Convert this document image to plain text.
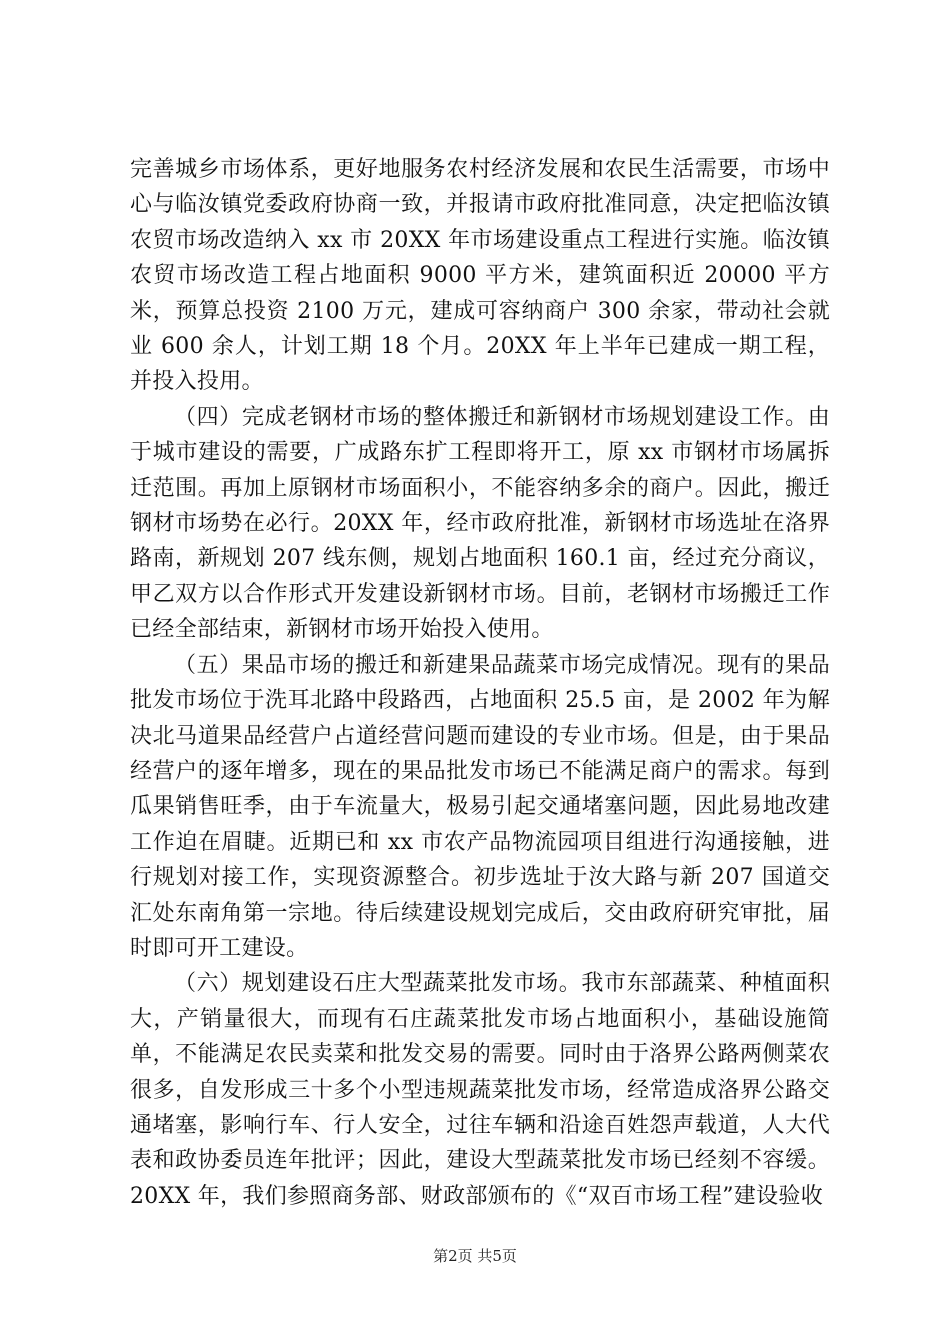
完善城乡市场体系，更好地服务农村经济发展和农民生活需要，市场中心与临汝镇党委政府协商一致，并报请市政府批准同意，决定把临汝镇农贸市场改造纳入 xx 市 20XX 年市场建设重点工程进行实施。临汝镇农贸市场改造工程占地面积 9000 平方米，建筑面积近 20000 平方米，预算总投资 2100 万元，建成可容纳商户 300 余家，带动社会就业 600 余人，计划工期 18 个月。20XX 年上半年已建成一期工程，并投入投用。

（四）完成老钢材市场的整体搬迁和新钢材市场规划建设工作。由于城市建设的需要，广成路东扩工程即将开工，原 xx 市钢材市场属拆迁范围。再加上原钢材市场面积小，不能容纳多余的商户。因此，搬迁钢材市场势在必行。20XX 年，经市政府批准，新钢材市场选址在洛界路南，新规划 207 线东侧，规划占地面积 160.1 亩，经过充分商议，甲乙双方以合作形式开发建设新钢材市场。目前，老钢材市场搬迁工作已经全部结束，新钢材市场开始投入使用。

（五）果品市场的搬迁和新建果品蔬菜市场完成情况。现有的果品批发市场位于洗耳北路中段路西，占地面积 25.5 亩，是 2002 年为解决北马道果品经营户占道经营问题而建设的专业市场。但是，由于果品经营户的逐年增多，现在的果品批发市场已不能满足商户的需求。每到瓜果销售旺季，由于车流量大，极易引起交通堵塞问题，因此易地改建工作迫在眉睫。近期已和 xx 市农产品物流园项目组进行沟通接触，进行规划对接工作，实现资源整合。初步选址于汝大路与新 207 国道交汇处东南角第一宗地。待后续建设规划完成后，交由政府研究审批，届时即可开工建设。

（六）规划建设石庄大型蔬菜批发市场。我市东部蔬菜、种植面积大，产销量很大，而现有石庄蔬菜批发市场占地面积小，基础设施简单，不能满足农民卖菜和批发交易的需要。同时由于洛界公路两侧菜农很多，自发形成三十多个小型违规蔬菜批发市场，经常造成洛界公路交通堵塞，影响行车、行人安全，过往车辆和沿途百姓怨声载道，人大代表和政协委员连年批评；因此，建设大型蔬菜批发市场已经刻不容缓。20XX 年，我们参照商务部、财政部颁布的《“双百市场工程”建设验收

第2页 共5页
